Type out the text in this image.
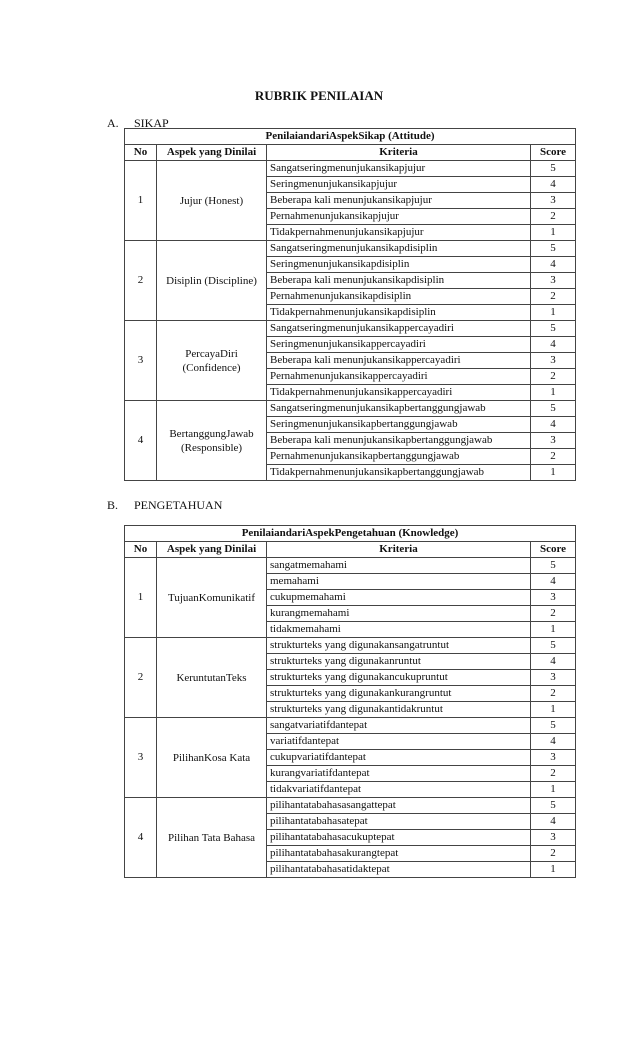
RUBRIK PENILAIAN
A. SIKAP
PenilaiandariAspekSikap (Attitude)			
No	Aspek yang Dinilai	Kriteria	Score
1	Jujur (Honest)	Sangatseringmenunjukansikapjujur	5
		Seringmenunjukansikapjujur	4
		Beberapa kali menunjukansikapjujur	3
		Pernahmenunjukansikapjujur	2
		Tidakpernahmenunjukansikapjujur	1
2	Disiplin (Discipline)	Sangatseringmenunjukansikapdisiplin	5
		Seringmenunjukansikapdisiplin	4
		Beberapa kali menunjukansikapdisiplin	3
		Pernahmenunjukansikapdisiplin	2
		Tidakpernahmenunjukansikapdisiplin	1
3	PercayaDiri (Confidence)	Sangatseringmenunjukansikappercayadiri	5
		Seringmenunjukansikappercayadiri	4
		Beberapa kali menunjukansikappercayadiri	3
		Pernahmenunjukansikappercayadiri	2
		Tidakpernahmenunjukansikappercayadiri	1
4	BertanggungJawab (Responsible)	Sangatseringmenunjukansikapbertanggungjawab	5
		Seringmenunjukansikapbertanggungjawab	4
		Beberapa kali menunjukansikapbertanggungjawab	3
		Pernahmenunjukansikapbertanggungjawab	2
		Tidakpernahmenunjukansikapbertanggungjawab	1
B. PENGETAHUAN
PenilaiandariAspekPengetahuan (Knowledge)			
No	Aspek yang Dinilai	Kriteria	Score
1	TujuanKomunikatif	sangatmemahami	5
		memahami	4
		cukupmemahami	3
		kurangmemahami	2
		tidakmemahami	1
2	KeruntutanTeks	strukturteks yang digunakansangatruntut	5
		strukturteks yang digunakanruntut	4
		strukturteks yang digunakancukupruntut	3
		strukturteks yang digunakankurangruntut	2
		strukturteks yang digunakantidakruntut	1
3	PilihanKosa Kata	sangatvariatifdantepat	5
		variatifdantepat	4
		cukupvariatifdantepat	3
		kurangvariatifdantepat	2
		tidakvariatifdantepat	1
4	Pilihan Tata Bahasa	pilihantatabahasasangattepat	5
		pilihantatabahasatepat	4
		pilihantatabahasacukuptepat	3
		pilihantatabahasakurangtepat	2
		pilihantatabahasatidaktepat	1
